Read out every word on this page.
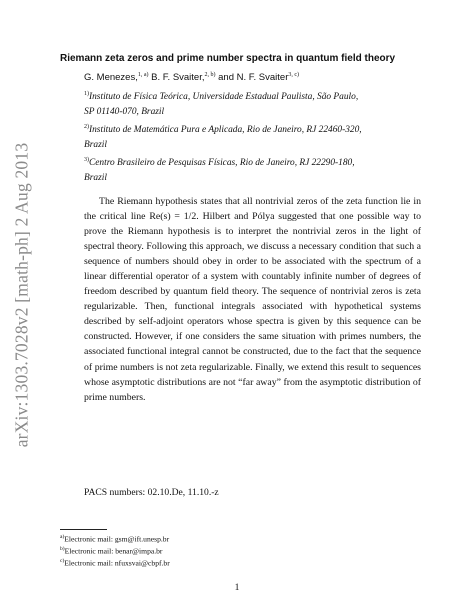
arXiv:1303.7028v2 [math-ph] 2 Aug 2013
Riemann zeta zeros and prime number spectra in quantum field theory
G. Menezes,$^{1, a)}$ B. F. Svaiter,$^{2, b)}$ and N. F. Svaiter$^{3, c)}$
$^{1)}$Instituto de Física Teórica, Universidade Estadual Paulista, São Paulo,
SP 01140-070, Brazil
$^{2)}$Instituto de Matemática Pura e Aplicada, Rio de Janeiro, RJ 22460-320,
Brazil
$^{3)}$Centro Brasileiro de Pesquisas Físicas, Rio de Janeiro, RJ 22290-180,
Brazil

The Riemann hypothesis states that all nontrivial zeros of the zeta function lie in the critical line Re(s) = 1/2. Hilbert and Pólya suggested that one possible way to prove the Riemann hypothesis is to interpret the nontrivial zeros in the light of spectral theory. Following this approach, we discuss a necessary condition that such a sequence of numbers should obey in order to be associated with the spectrum of a linear differential operator of a system with countably infinite number of degrees of freedom described by quantum field theory. The sequence of nontrivial zeros is zeta regularizable. Then, functional integrals associated with hypothetical systems described by self-adjoint operators whose spectra is given by this sequence can be constructed. However, if one considers the same situation with primes numbers, the associated functional integral cannot be constructed, due to the fact that the sequence of prime numbers is not zeta regularizable. Finally, we extend this result to sequences whose asymptotic distributions are not “far away” from the asymptotic distribution of prime numbers.

PACS numbers: 02.10.De, 11.10.-z
$^{a)}$Electronic mail: gsm@ift.unesp.br
$^{b)}$Electronic mail: benar@impa.br
$^{c)}$Electronic mail: nfuxsvai@cbpf.br
1
